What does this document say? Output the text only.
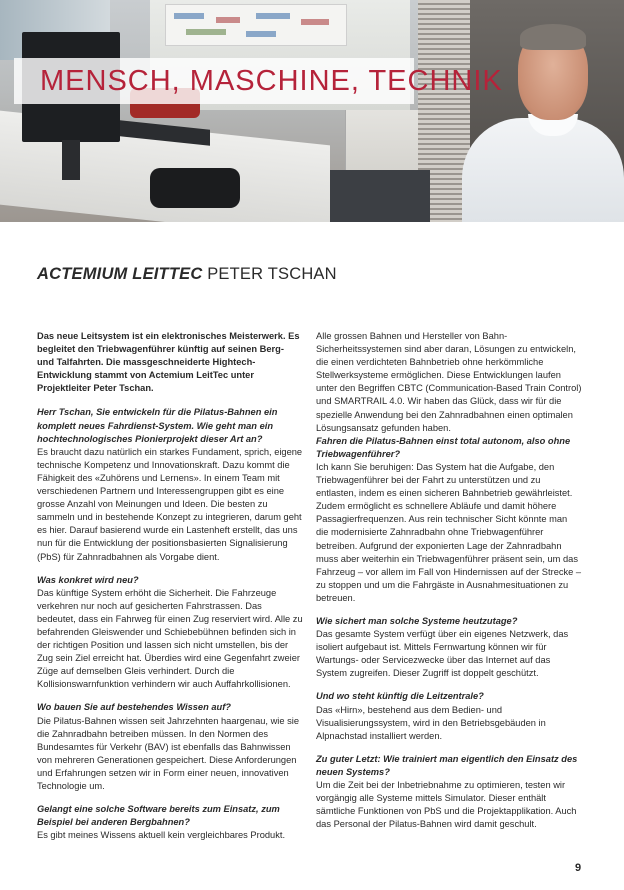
MENSCH, MASCHINE, TECHNIK
ACTEMIUM LEITTEC PETER TSCHAN

Das neue Leitsystem ist ein elektronisches Meisterwerk. Es begleitet den Triebwagenführer künftig auf seinen Berg- und Talfahrten. Die massgeschneiderte Hightech-Entwicklung stammt von Actemium LeitTec unter Projektleiter Peter Tschan.

Herr Tschan, Sie entwickeln für die Pilatus-Bahnen ein komplett neues Fahrdienst-System. Wie geht man ein hochtechnologisches Pionierprojekt dieser Art an?

Es braucht dazu natürlich ein starkes Fundament, sprich, eigene technische Kompetenz und Innovationskraft. Dazu kommt die Fähigkeit des «Zuhörens und Lernens». In einem Team mit verschiedenen Partnern und Interessengruppen gibt es eine grosse Anzahl von Meinungen und Ideen. Die besten zu sammeln und in bestehende Konzept zu integrieren, darum geht es hier. Darauf basierend wurde ein Lastenheft erstellt, das uns nun für die Entwicklung der positionsbasierten Signalisierung (PbS) für Zahnradbahnen als Vorgabe dient.

Was konkret wird neu?

Das künftige System erhöht die Sicherheit. Die Fahrzeuge verkehren nur noch auf gesicherten Fahrstrassen. Das bedeutet, dass ein Fahrweg für einen Zug reserviert wird. Alle zu befahrenden Gleiswender und Schiebebühnen befinden sich in der richtigen Position und lassen sich nicht umstellen, bis der Zug sein Ziel erreicht hat. Überdies wird eine Gegenfahrt zweier Züge auf demselben Gleis verhindert. Durch die Kollisionswarnfunktion verhindern wir auch Auffahrkollisionen.

Wo bauen Sie auf bestehendes Wissen auf?

Die Pilatus-Bahnen wissen seit Jahrzehnten haargenau, wie sie die Zahnradbahn betreiben müssen. In den Normen des Bundesamtes für Verkehr (BAV) ist ebenfalls das Bahnwissen von mehreren Generationen gespeichert. Diese Anforderungen und Erfahrungen setzen wir in Form einer neuen, innovativen Technologie um.

Gelangt eine solche Software bereits zum Einsatz, zum Beispiel bei anderen Bergbahnen?

Es gibt meines Wissens aktuell kein vergleichbares Produkt.

Alle grossen Bahnen und Hersteller von Bahn-Sicherheitssystemen sind aber daran, Lösungen zu entwickeln, die einen verdichteten Bahnbetrieb ohne herkömmliche Stellwerksysteme ermöglichen. Diese Entwicklungen laufen unter den Begriffen CBTC (Communication-Based Train Control) und SMARTRAIL 4.0. Wir haben das Glück, dass wir für die spezielle Anwendung bei den Zahnradbahnen einen optimalen Lösungsansatz gefunden haben.

Fahren die Pilatus-Bahnen einst total autonom, also ohne Triebwagenführer?

Ich kann Sie beruhigen: Das System hat die Aufgabe, den Triebwagenführer bei der Fahrt zu unterstützen und zu entlasten, indem es einen sicheren Bahnbetrieb gewährleistet. Zudem ermöglicht es schnellere Abläufe und damit höhere Passagierfrequenzen. Aus rein technischer Sicht könnte man die modernisierte Zahnradbahn ohne Triebwagenführer betreiben. Aufgrund der exponierten Lage der Zahnradbahn muss aber weiterhin ein Triebwagenführer präsent sein, um das Fahrzeug – vor allem im Fall von Hindernissen auf der Strecke – zu stoppen und um die Fahrgäste in Ausnahmesituationen zu betreuen.

Wie sichert man solche Systeme heutzutage?

Das gesamte System verfügt über ein eigenes Netzwerk, das isoliert aufgebaut ist. Mittels Fernwartung können wir für Wartungs- oder Servicezwecke über das Internet auf das System zugreifen. Dieser Zugriff ist doppelt geschützt.

Und wo steht künftig die Leitzentrale?

Das «Hirn», bestehend aus dem Bedien- und Visualisierungssystem, wird in den Betriebsgebäuden in Alpnachstad installiert werden.

Zu guter Letzt: Wie trainiert man eigentlich den Einsatz des neuen Systems?

Um die Zeit bei der Inbetriebnahme zu optimieren, testen wir vorgängig alle Systeme mittels Simulator. Dieser enthält sämtliche Funktionen von PbS und die Projektapplikation. Auch das Personal der Pilatus-Bahnen wird damit geschult.

9
